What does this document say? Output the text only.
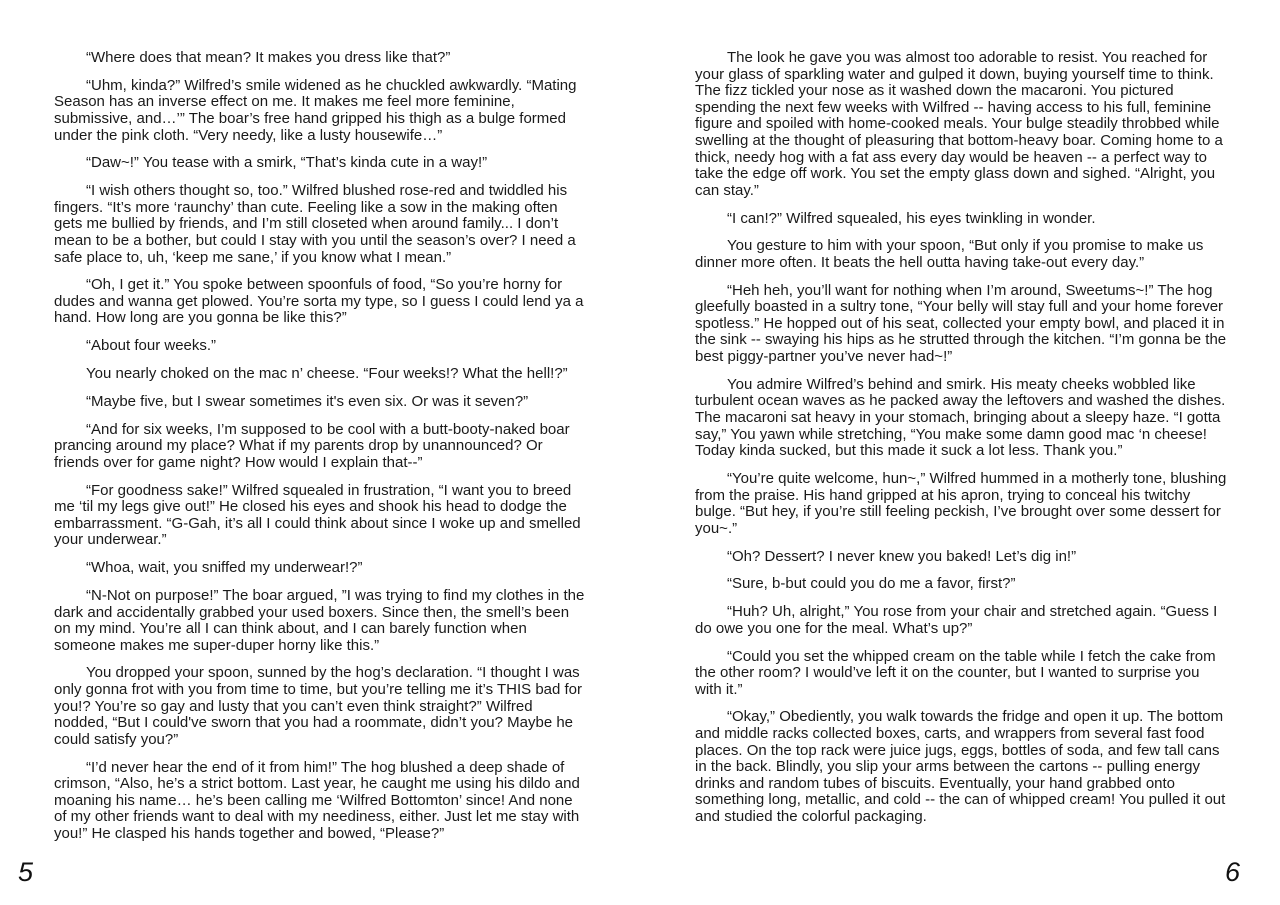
“Where does that mean? It makes you dress like that?”

“Uhm, kinda?” Wilfred’s smile widened as he chuckled awkwardly. “Mating Season has an inverse effect on me. It makes me feel more feminine, submissive, and…’” The boar’s free hand gripped his thigh as a bulge formed under the pink cloth. “Very needy, like a lusty housewife…”

“Daw~!” You tease with a smirk, “That’s kinda cute in a way!”

“I wish others thought so, too.” Wilfred blushed rose-red and twiddled his fingers. “It’s more ‘raunchy’ than cute. Feeling like a sow in the making often gets me bullied by friends, and I’m still closeted when around family... I don’t mean to be a bother, but could I stay with you until the season’s over? I need a safe place to, uh, ‘keep me sane,’ if you know what I mean.”

“Oh, I get it.” You spoke between spoonfuls of food, “So you’re horny for dudes and wanna get plowed. You’re sorta my type, so I guess I could lend ya a hand. How long are you gonna be like this?”

“About four weeks.”

You nearly choked on the mac n’ cheese. “Four weeks!? What the hell!?”

“Maybe five, but I swear sometimes it's even six. Or was it seven?”

“And for six weeks, I’m supposed to be cool with a butt-booty-naked boar prancing around my place? What if my parents drop by unannounced? Or friends over for game night? How would I explain that--”

“For goodness sake!” Wilfred squealed in frustration, “I want you to breed me ‘til my legs give out!” He closed his eyes and shook his head to dodge the embarrassment. “G-Gah, it’s all I could think about since I woke up and smelled your underwear.”

“Whoa, wait, you sniffed my underwear!?”

“N-Not on purpose!” The boar argued, ”I was trying to find my clothes in the dark and accidentally grabbed your used boxers. Since then, the smell’s been on my mind. You’re all I can think about, and I can barely function when someone makes me super-duper horny like this.”

You dropped your spoon, sunned by the hog’s declaration. “I thought I was only gonna frot with you from time to time, but you’re telling me it’s THIS bad for you!? You’re so gay and lusty that you can’t even think straight?” Wilfred nodded, “But I could've sworn that you had a roommate, didn’t you? Maybe he could satisfy you?”

“I’d never hear the end of it from him!” The hog blushed a deep shade of crimson, “Also, he’s a strict bottom. Last year, he caught me using his dildo and moaning his name… he’s been calling me ‘Wilfred Bottomton’ since! And none of my other friends want to deal with my neediness, either. Just let me stay with you!” He clasped his hands together and bowed, “Please?”

The look he gave you was almost too adorable to resist. You reached for your glass of sparkling water and gulped it down, buying yourself time to think. The fizz tickled your nose as it washed down the macaroni. You pictured spending the next few weeks with Wilfred -- having access to his full, feminine figure and spoiled with home-cooked meals. Your bulge steadily throbbed while swelling at the thought of pleasuring that bottom-heavy boar. Coming home to a thick, needy hog with a fat ass every day would be heaven -- a perfect way to take the edge off work. You set the empty glass down and sighed. “Alright, you can stay.”

“I can!?” Wilfred squealed, his eyes twinkling in wonder.

You gesture to him with your spoon, “But only if you promise to make us dinner more often. It beats the hell outta having take-out every day.”

“Heh heh, you’ll want for nothing when I’m around, Sweetums~!” The hog gleefully boasted in a sultry tone, “Your belly will stay full and your home forever spotless.” He hopped out of his seat, collected your empty bowl, and placed it in the sink -- swaying his hips as he strutted through the kitchen. “I’m gonna be the best piggy-partner you’ve never had~!”

You admire Wilfred’s behind and smirk. His meaty cheeks wobbled like turbulent ocean waves as he packed away the leftovers and washed the dishes. The macaroni sat heavy in your stomach, bringing about a sleepy haze. “I gotta say,” You yawn while stretching, “You make some damn good mac ‘n cheese! Today kinda sucked, but this made it suck a lot less. Thank you.”

“You’re quite welcome, hun~,” Wilfred hummed in a motherly tone, blushing from the praise. His hand gripped at his apron, trying to conceal his twitchy bulge. “But hey, if you’re still feeling peckish, I’ve brought over some dessert for you~.”

“Oh? Dessert? I never knew you baked! Let’s dig in!”

“Sure, b-but could you do me a favor, first?”

“Huh? Uh, alright,” You rose from your chair and stretched again. “Guess I do owe you one for the meal. What’s up?”

“Could you set the whipped cream on the table while I fetch the cake from the other room? I would’ve left it on the counter, but I wanted to surprise you with it.”

“Okay,” Obediently, you walk towards the fridge and open it up. The bottom and middle racks collected boxes, carts, and wrappers from several fast food places. On the top rack were juice jugs, eggs, bottles of soda, and few tall cans in the back. Blindly, you slip your arms between the cartons -- pulling energy drinks and random tubes of biscuits. Eventually, your hand grabbed onto something long, metallic, and cold -- the can of whipped cream! You pulled it out and studied the colorful packaging.

5	6
